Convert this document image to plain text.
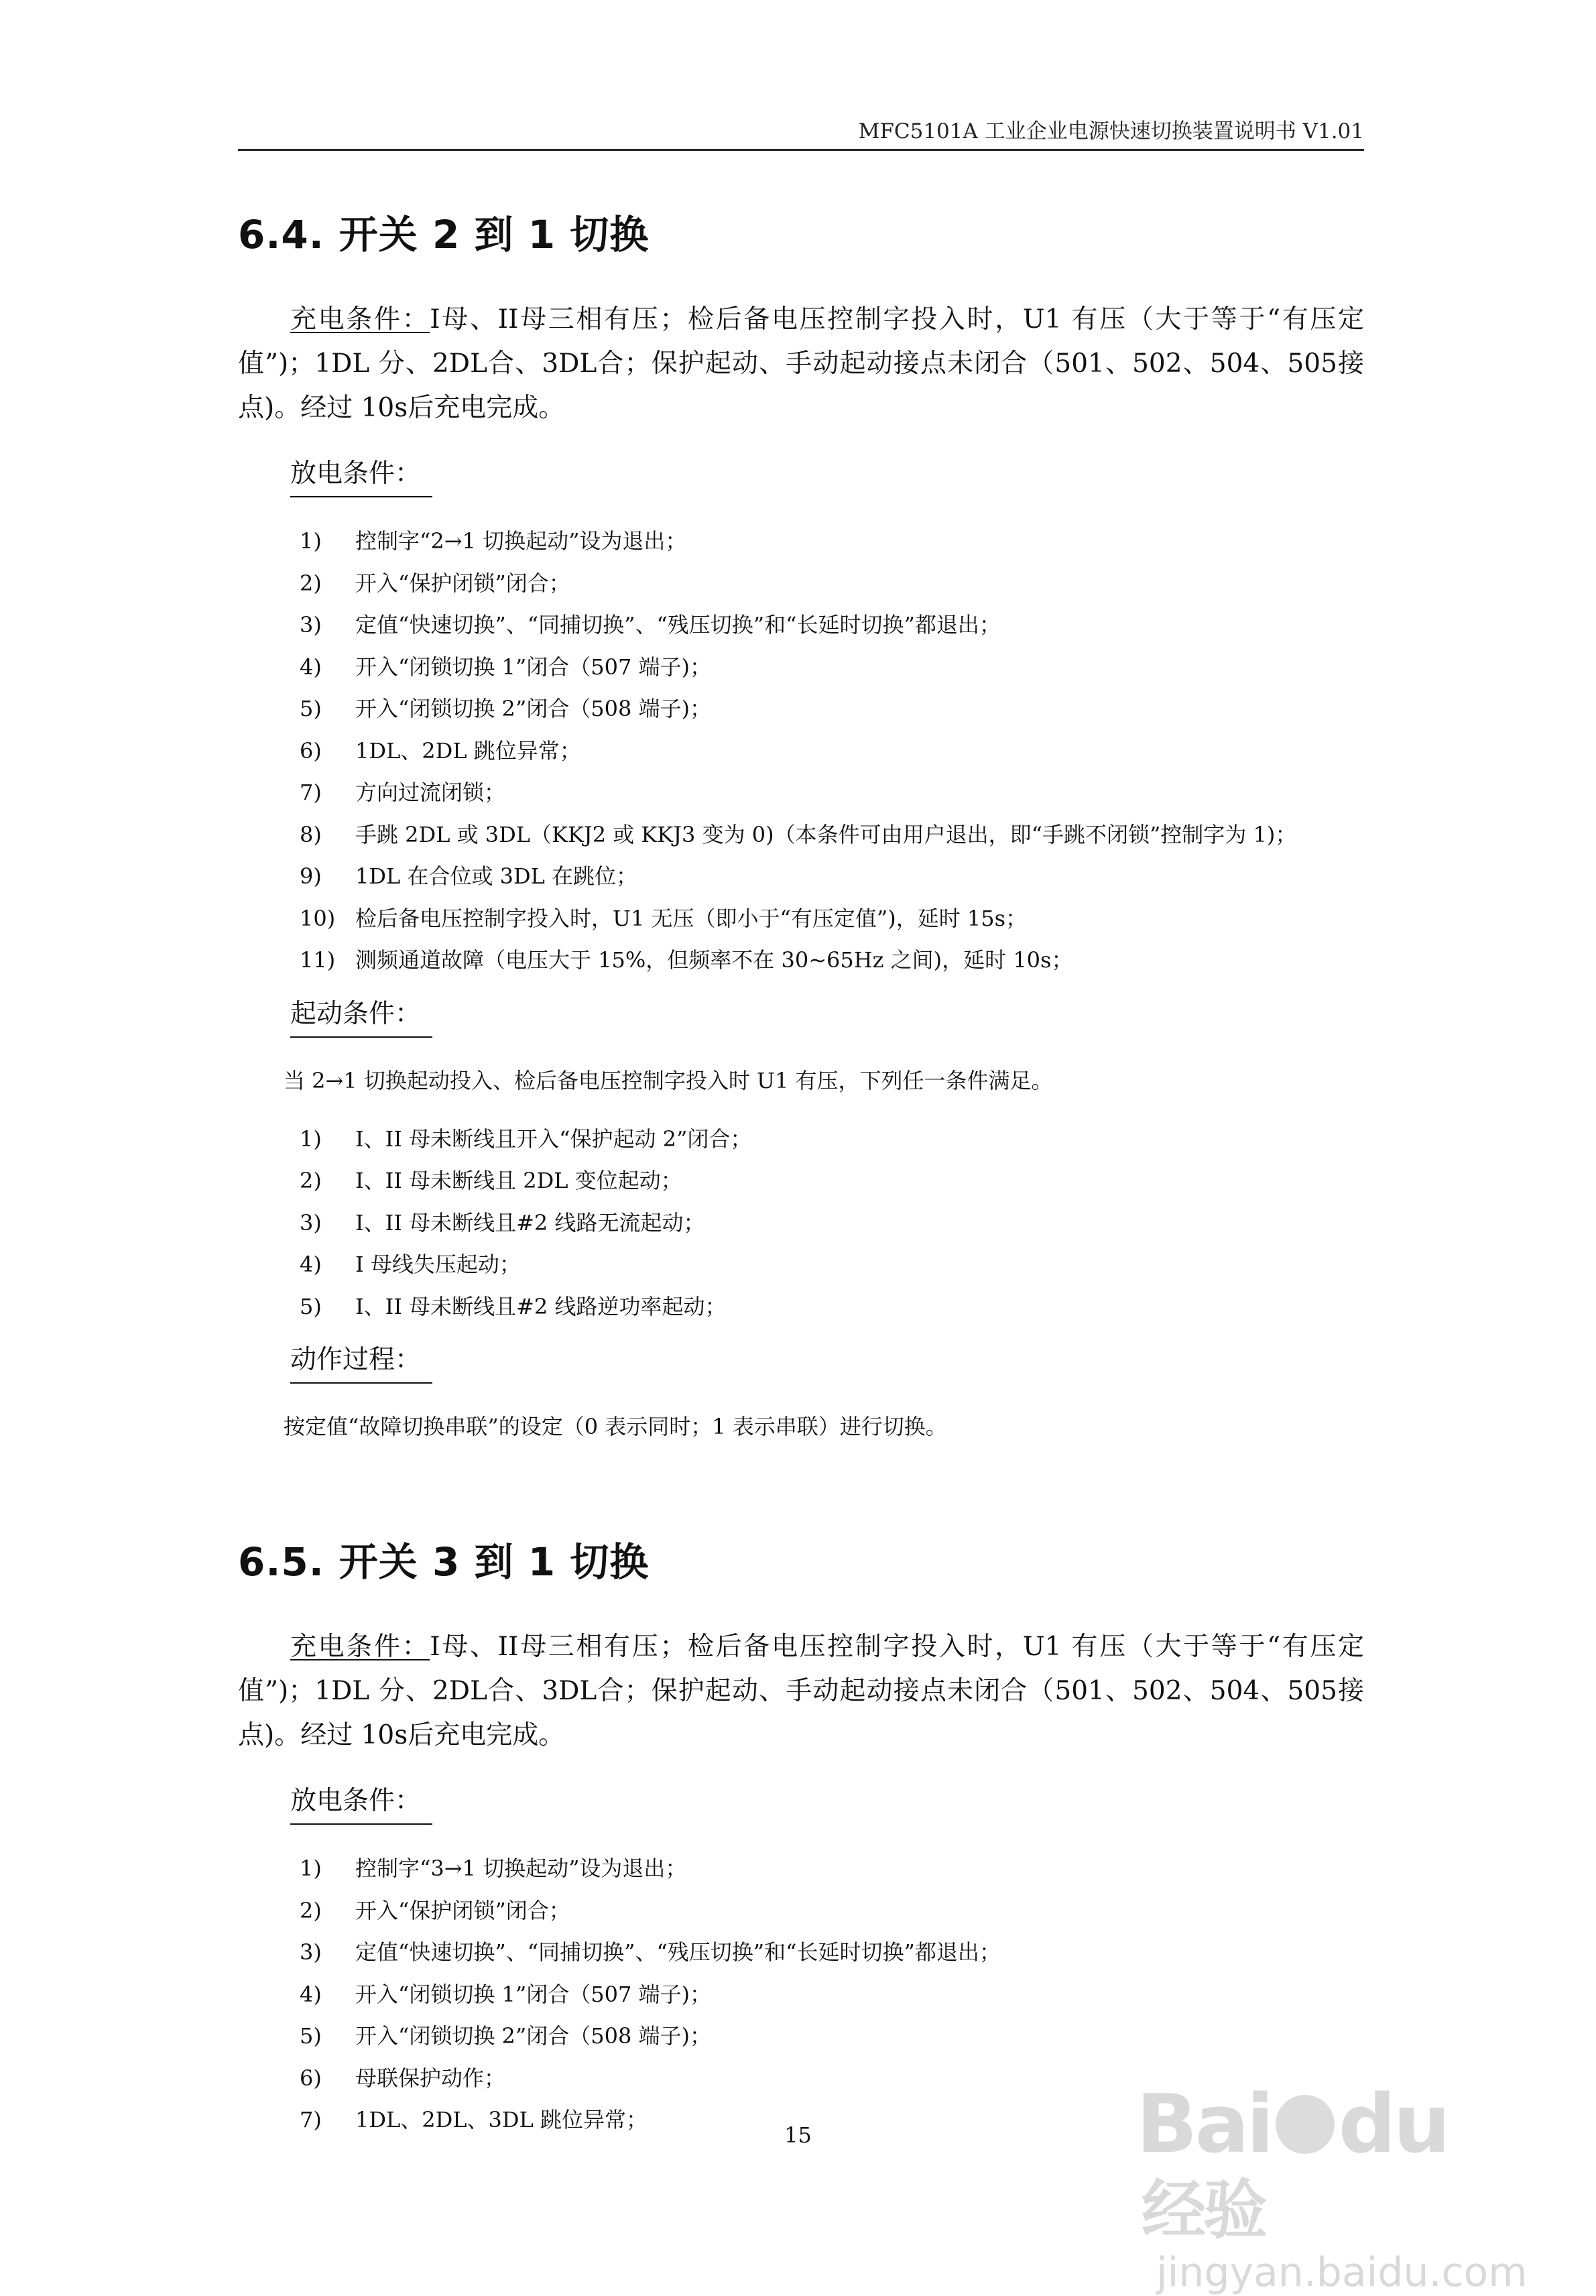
MFC5101A 工业企业电源快速切换装置说明书 V1.01
6.4. 开关 2 到 1 切换

充电条件：I母、II母三相有压；检后备电压控制字投入时，U1 有压（大于等于“有压定值”)；1DL 分、2DL合、3DL合；保护起动、手动起动接点未闭合（501、502、504、505接点)。经过 10s后充电完成。

放电条件：
1)	控制字“2→1 切换起动”设为退出；
2)	开入“保护闭锁”闭合；
3)	定值“快速切换”、“同捕切换”、“残压切换”和“长延时切换”都退出；
4)	开入“闭锁切换 1”闭合（507 端子)；
5)	开入“闭锁切换 2”闭合（508 端子)；
6)	1DL、2DL 跳位异常；
7)	方向过流闭锁；
8)	手跳 2DL 或 3DL（KKJ2 或 KKJ3 变为 0)（本条件可由用户退出，即“手跳不闭锁”控制字为 1)；
9)	1DL 在合位或 3DL 在跳位；
10) 检后备电压控制字投入时，U1 无压（即小于“有压定值”)，延时 15s；
11) 测频通道故障（电压大于 15%，但频率不在 30~65Hz 之间)，延时 10s；
起动条件：

当 2→1 切换起动投入、检后备电压控制字投入时 U1 有压，下列任一条件满足。

1)	I、II 母未断线且开入“保护起动 2”闭合；
2)	I、II 母未断线且 2DL 变位起动；
3)	I、II 母未断线且#2 线路无流起动；
4)	I 母线失压起动；
5)	I、II 母未断线且#2 线路逆功率起动；
动作过程：

按定值“故障切换串联”的设定（0 表示同时；1 表示串联）进行切换。

6.5. 开关 3 到 1 切换

充电条件：I母、II母三相有压；检后备电压控制字投入时，U1 有压（大于等于“有压定值”)；1DL 分、2DL合、3DL合；保护起动、手动起动接点未闭合（501、502、504、505接点)。经过 10s后充电完成。

放电条件：
1)	控制字“3→1 切换起动”设为退出；
2)	开入“保护闭锁”闭合；
3)	定值“快速切换”、“同捕切换”、“残压切换”和“长延时切换”都退出；
4)	开入“闭锁切换 1”闭合（507 端子)；
5)	开入“闭锁切换 2”闭合（508 端子)；
6)	母联保护动作；
7)	1DL、2DL、3DL 跳位异常；
15	Bai du经验
jingyan.baidu.com
